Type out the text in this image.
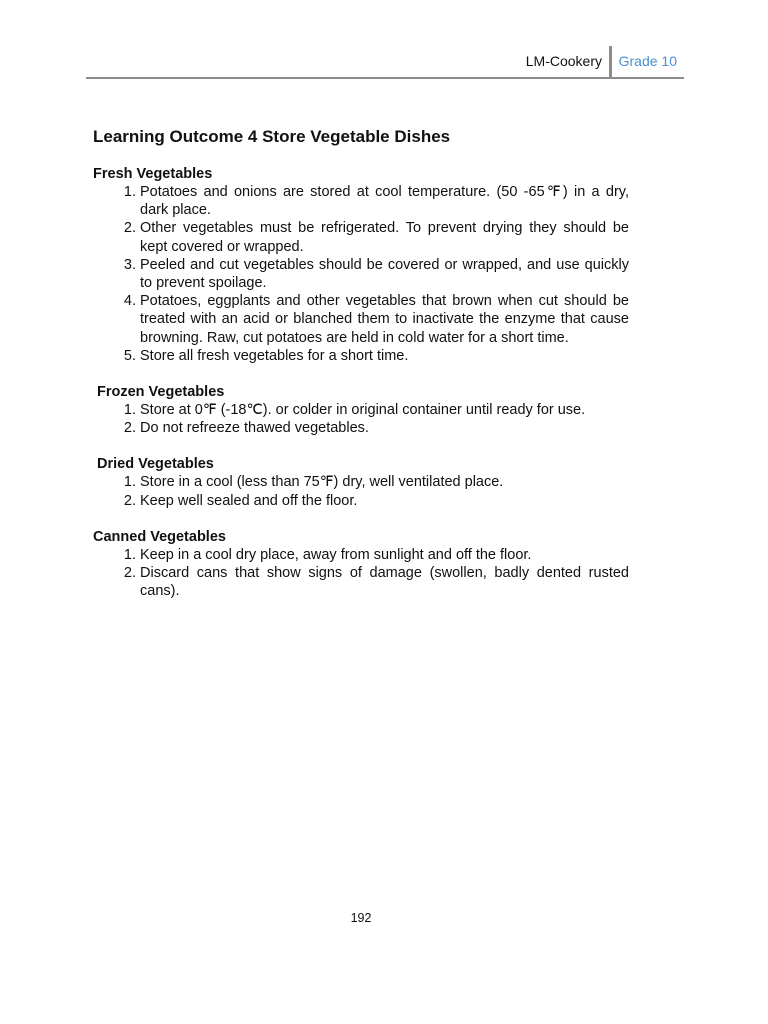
LM-Cookery Grade 10
Learning Outcome 4 Store Vegetable Dishes
Fresh Vegetables
1. Potatoes and onions are stored at cool temperature. (50 -65℉) in a dry, dark place.
2. Other vegetables must be refrigerated. To prevent drying they should be kept covered or wrapped.
3. Peeled and cut vegetables should be covered or wrapped, and use quickly to prevent spoilage.
4. Potatoes, eggplants and other vegetables that brown when cut should be treated with an acid or blanched them to inactivate the enzyme that cause browning. Raw, cut potatoes are held in cold water for a short time.
5. Store all fresh vegetables for a short time.
Frozen Vegetables
1. Store at 0℉ (-18℃). or colder in original container until ready for use.
2. Do not refreeze thawed vegetables.
Dried Vegetables
1. Store in a cool (less than 75℉) dry, well ventilated place.
2. Keep well sealed and off the floor.
Canned Vegetables
1. Keep in a cool dry place, away from sunlight and off the floor.
2. Discard cans that show signs of damage (swollen, badly dented rusted cans).
192
